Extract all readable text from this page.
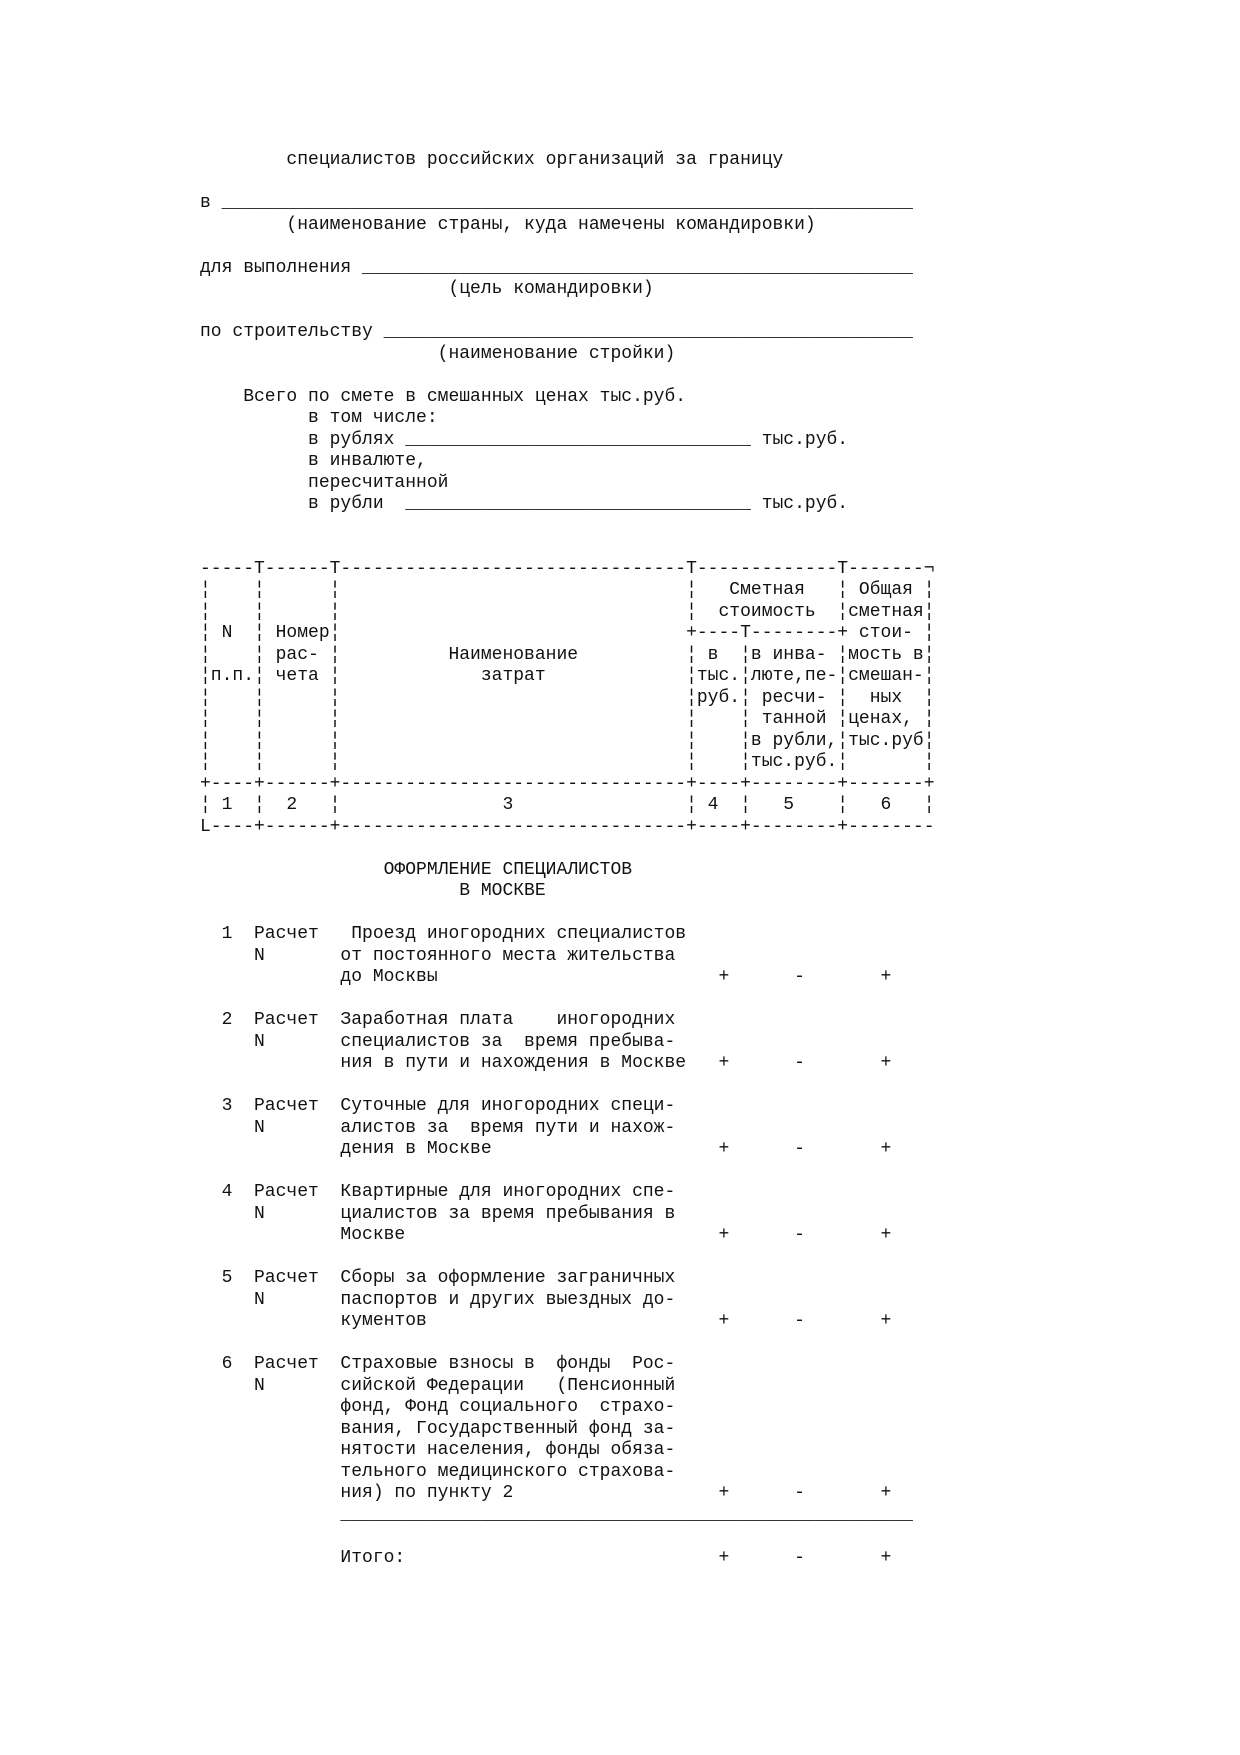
специалистов российских организаций за границу
в ________________________________________________________________
(наименование страны, куда намечены командировки)
для выполнения ___________________________________________________
(цель командировки)
по строительству _________________________________________________
(наименование стройки)
Всего по смете в смешанных ценах тыс.руб.
в том числе:
в рублях ________________________________ тыс.руб.
в инвалюте,
пересчитанной
в рубли  ________________________________ тыс.руб.
-----T------T--------------------------------T-------------T-------¬
¦    ¦      ¦                                ¦   Сметная   ¦ Общая ¦
¦    ¦      ¦                                ¦  стоимость  ¦сметная¦
¦ N  ¦ Номер¦                                +----T--------+ стои- ¦
¦    ¦ рас- ¦          Наименование          ¦ в  ¦в инва- ¦мость в¦
¦п.п.¦ чета ¦             затрат             ¦тыс.¦люте,пе-¦смешан-¦
¦    ¦      ¦                                ¦руб.¦ ресчи- ¦  ных  ¦
¦    ¦      ¦                                ¦    ¦ танной ¦ценах, ¦
¦    ¦      ¦                                ¦    ¦в рубли,¦тыс.руб¦
¦    ¦      ¦                                ¦    ¦тыс.руб.¦       ¦
+----+------+--------------------------------+----+--------+-------+
¦ 1  ¦  2   ¦               3                ¦ 4  ¦   5    ¦   6   ¦
L----+------+--------------------------------+----+--------+--------
ОФОРМЛЕНИЕ СПЕЦИАЛИСТОВ
В МОСКВЕ
1  Расчет   Проезд иногородних специалистов
N       от постоянного места жительства
до Москвы                          +      -       +
2  Расчет  Заработная плата    иногородних
N       специалистов за  время пребыва-
ния в пути и нахождения в Москве   +      -       +
3  Расчет  Суточные для иногородних специ-
N       алистов за  время пути и нахож-
дения в Москве                     +      -       +
4  Расчет  Квартирные для иногородних спе-
N       циалистов за время пребывания в
Москве                             +      -       +
5  Расчет  Сборы за оформление заграничных
N       паспортов и других выездных до-
кументов                           +      -       +
6  Расчет  Страховые взносы в  фонды  Рос-
N       сийской Федерации   (Пенсионный
фонд, Фонд социального  страхо-
вания, Государственный фонд за-
нятости населения, фонды обяза-
тельного медицинского страхова-
ния) по пункту 2                   +      -       +
_____________________________________________________
Итого:                             +      -       +
